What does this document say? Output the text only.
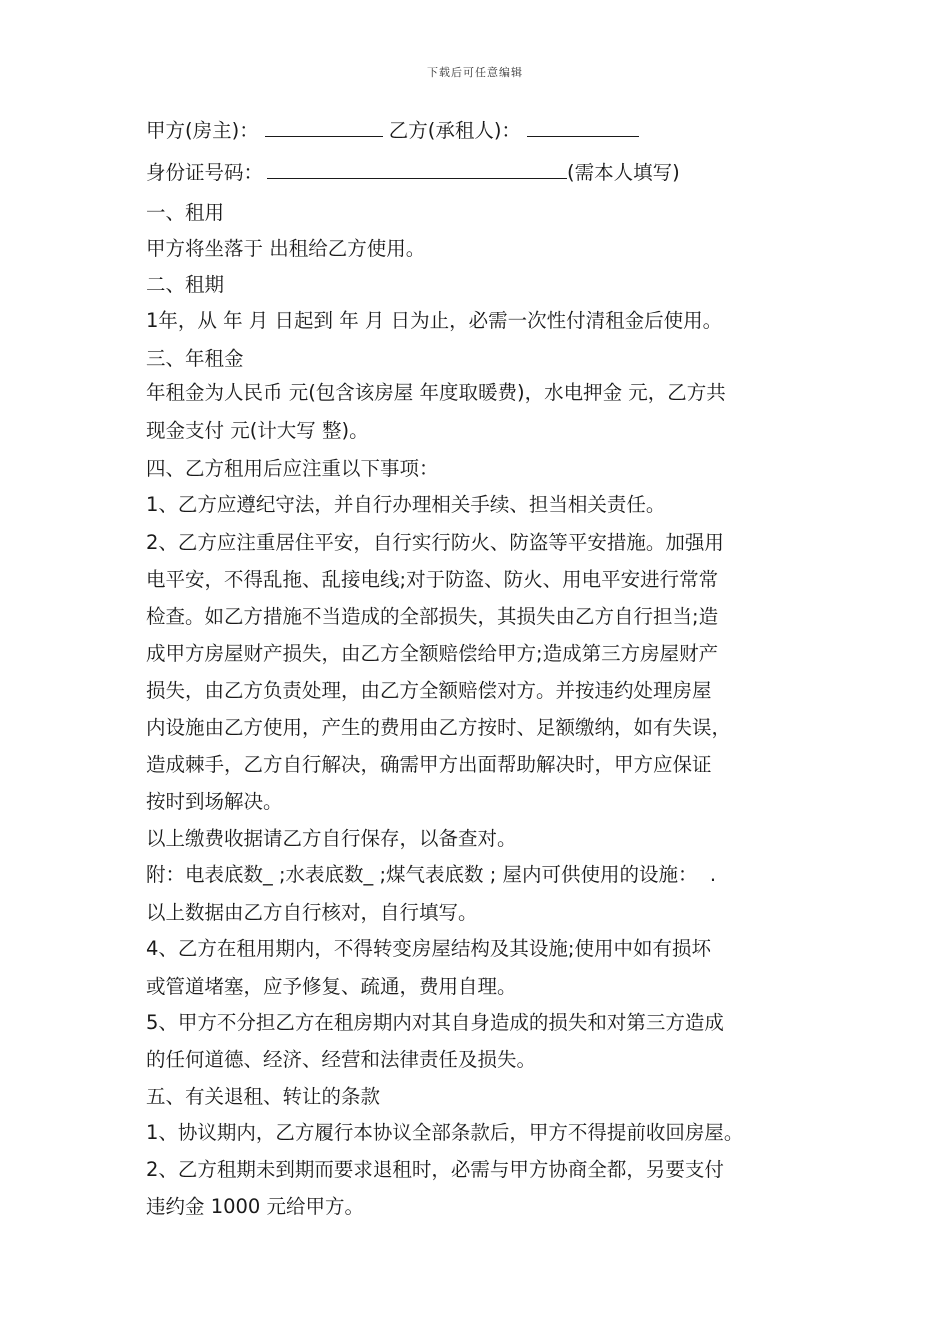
下载后可任意编辑
甲方(房主)：	乙方(承租人)：
身份证号码：	(需本人填写)
一、租用
甲方将坐落于 出租给乙方使用。
二、租期
1年，从 年 月 日起到 年 月 日为止，必需一次性付清租金后使用。
三、年租金
年租金为人民币 元(包含该房屋 年度取暖费)，水电押金 元，乙方共
现金支付 元(计大写 整)。
四、乙方租用后应注重以下事项：
1、乙方应遵纪守法，并自行办理相关手续、担当相关责任。
2、乙方应注重居住平安，自行实行防火、防盗等平安措施。加强用
电平安，不得乱拖、乱接电线;对于防盗、防火、用电平安进行常常
检查。如乙方措施不当造成的全部损失，其损失由乙方自行担当;造
成甲方房屋财产损失，由乙方全额赔偿给甲方;造成第三方房屋财产
损失，由乙方负责处理，由乙方全额赔偿对方。并按违约处理房屋
内设施由乙方使用，产生的费用由乙方按时、足额缴纳，如有失误，
造成棘手，乙方自行解决，确需甲方出面帮助解决时，甲方应保证
按时到场解决。
以上缴费收据请乙方自行保存，以备查对。
附：电表底数_ ;水表底数_ ;煤气表底数 ; 屋内可供使用的设施：  .
以上数据由乙方自行核对，自行填写。
4、乙方在租用期内，不得转变房屋结构及其设施;使用中如有损坏
或管道堵塞，应予修复、疏通，费用自理。
5、甲方不分担乙方在租房期内对其自身造成的损失和对第三方造成
的任何道德、经济、经营和法律责任及损失。
五、有关退租、转让的条款
1、协议期内，乙方履行本协议全部条款后，甲方不得提前收回房屋。
2、乙方租期未到期而要求退租时，必需与甲方协商全都，另要支付
违约金 1000 元给甲方。
